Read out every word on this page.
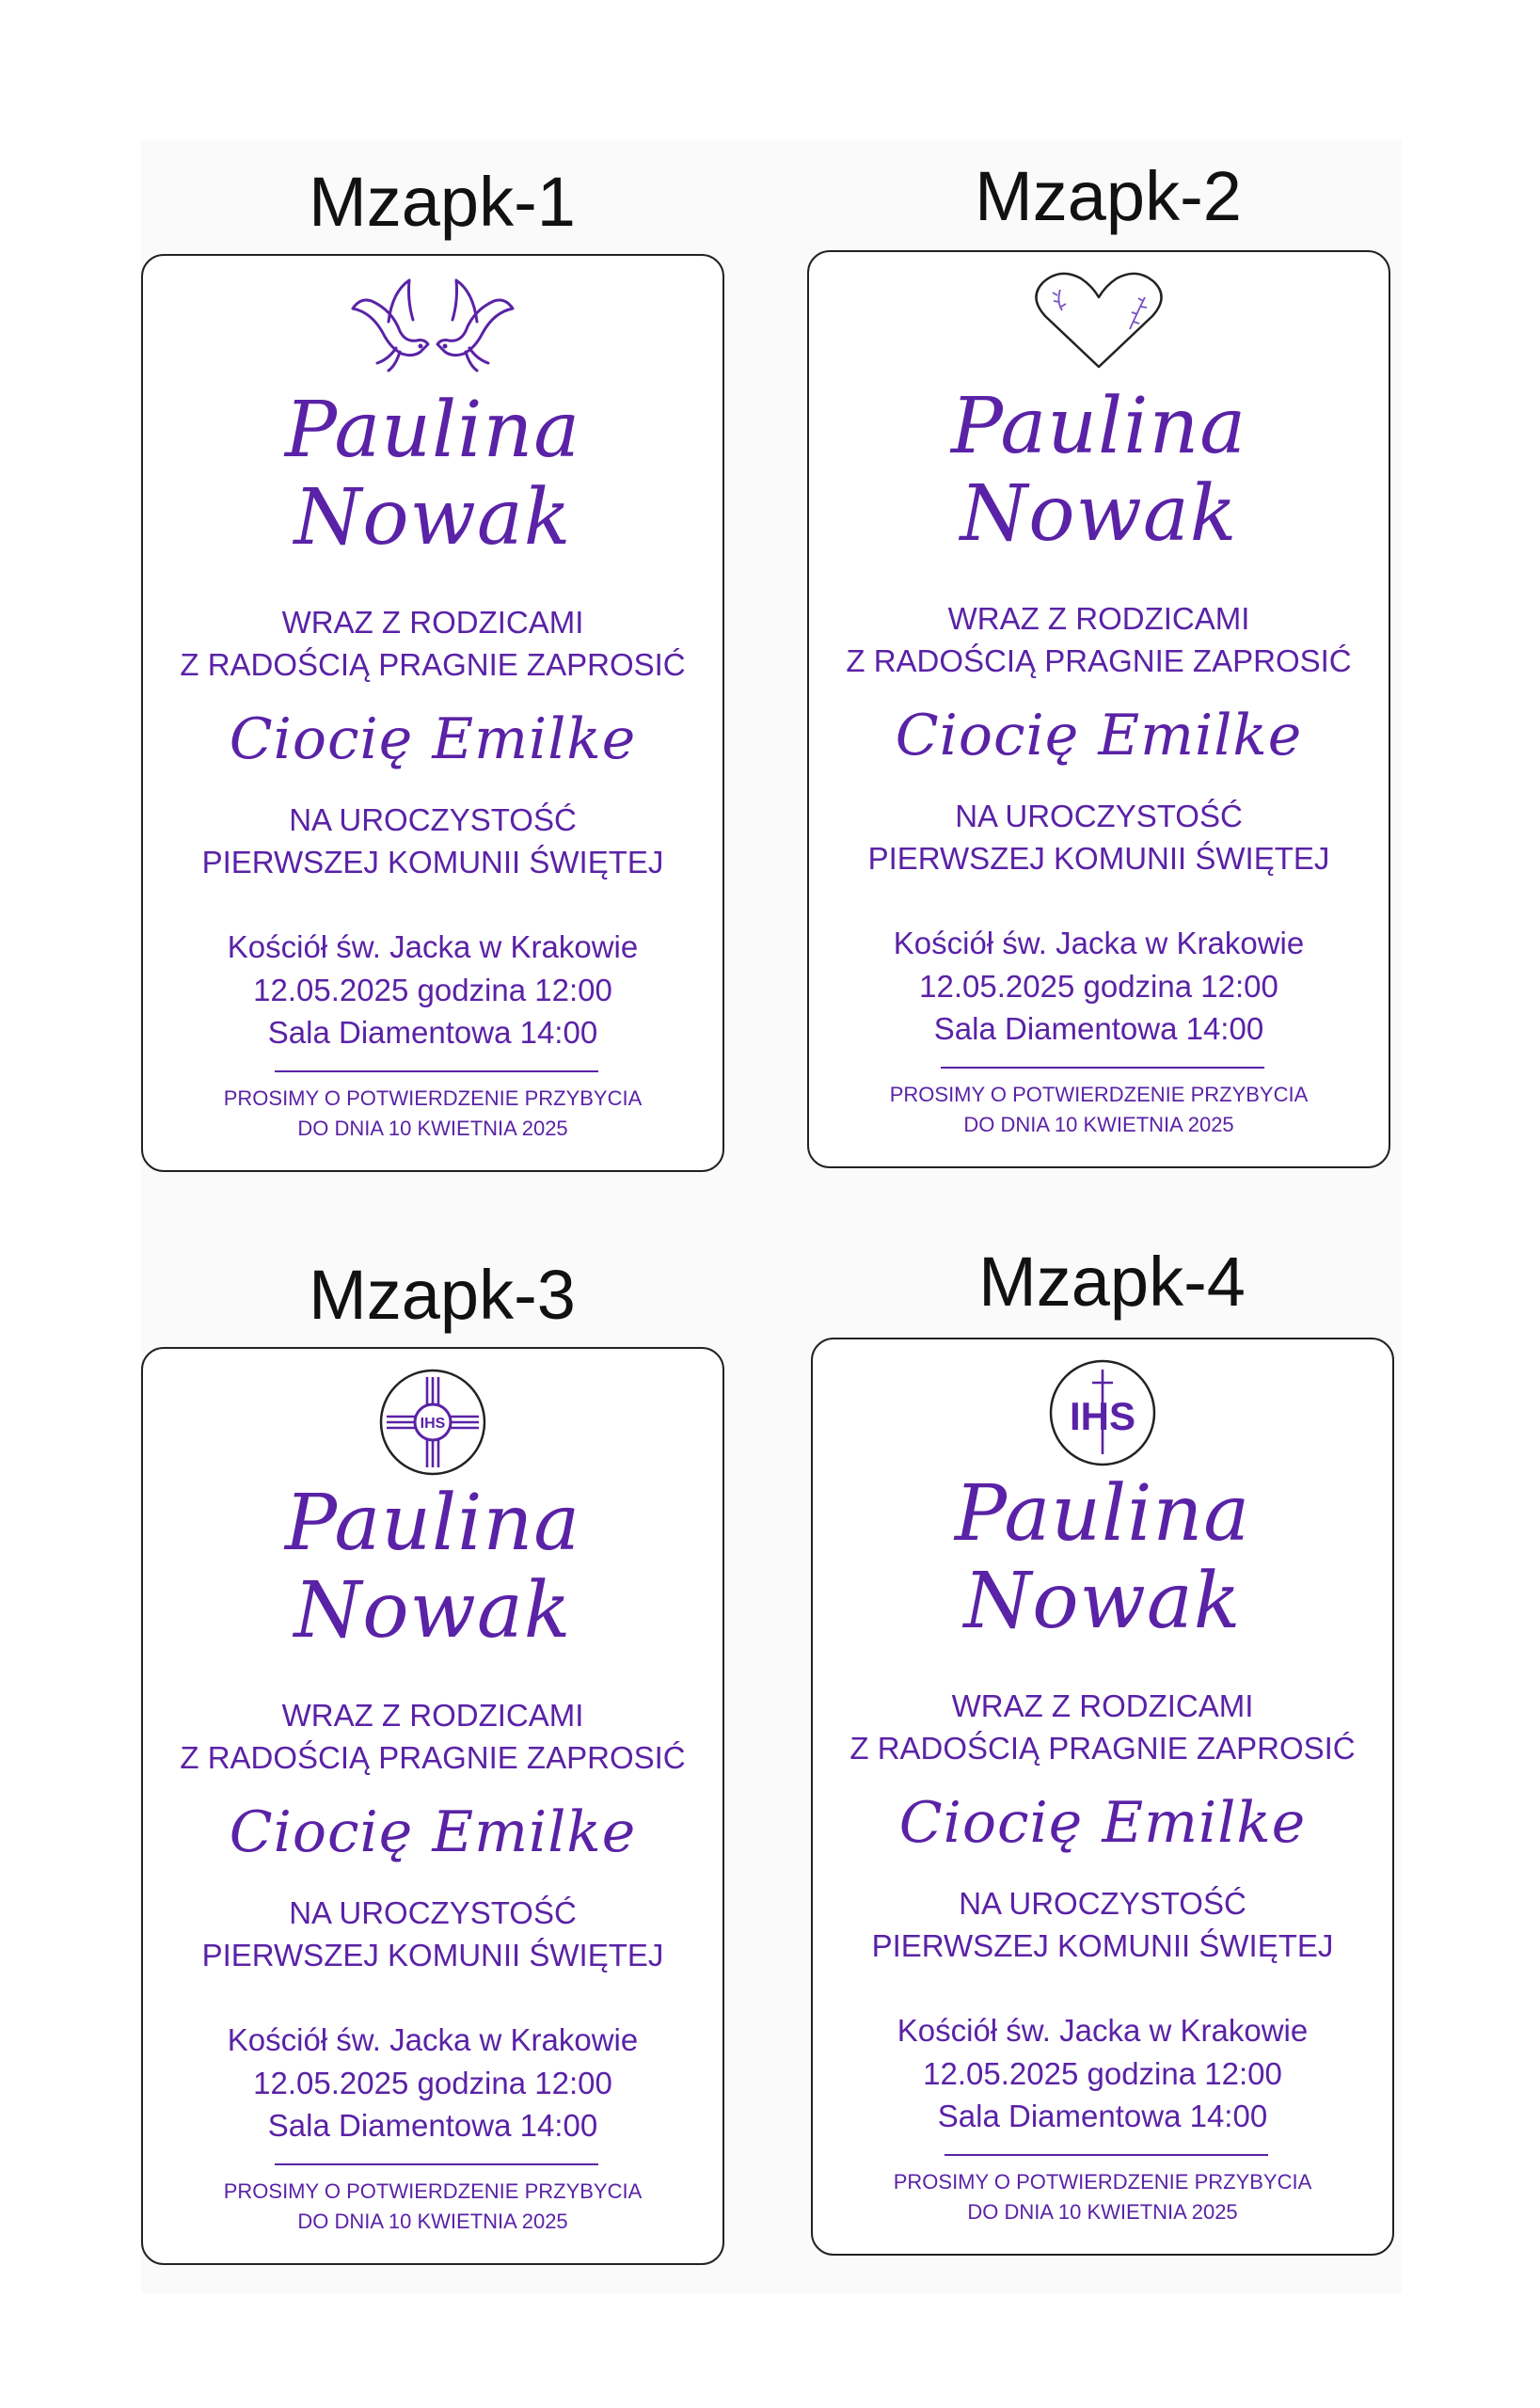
Mzapk-1
Paulina
Nowak
WRAZ Z RODZICAMI
Z RADOŚCIĄ PRAGNIE ZAPROSIĆ
Ciocię Emilke
NA UROCZYSTOŚĆ
PIERWSZEJ KOMUNII ŚWIĘTEJ
Kościół św. Jacka w Krakowie
12.05.2025 godzina 12:00
Sala Diamentowa 14:00
PROSIMY O POTWIERDZENIE PRZYBYCIA
DO DNIA 10 KWIETNIA 2025
Mzapk-2
Paulina
Nowak
WRAZ Z RODZICAMI
Z RADOŚCIĄ PRAGNIE ZAPROSIĆ
Ciocię Emilke
NA UROCZYSTOŚĆ
PIERWSZEJ KOMUNII ŚWIĘTEJ
Kościół św. Jacka w Krakowie
12.05.2025 godzina 12:00
Sala Diamentowa 14:00
PROSIMY O POTWIERDZENIE PRZYBYCIA
DO DNIA 10 KWIETNIA 2025
Mzapk-3
IHS
Paulina
Nowak
WRAZ Z RODZICAMI
Z RADOŚCIĄ PRAGNIE ZAPROSIĆ
Ciocię Emilke
NA UROCZYSTOŚĆ
PIERWSZEJ KOMUNII ŚWIĘTEJ
Kościół św. Jacka w Krakowie
12.05.2025 godzina 12:00
Sala Diamentowa 14:00
PROSIMY O POTWIERDZENIE PRZYBYCIA
DO DNIA 10 KWIETNIA 2025
Mzapk-4
IHS
Paulina
Nowak
WRAZ Z RODZICAMI
Z RADOŚCIĄ PRAGNIE ZAPROSIĆ
Ciocię Emilke
NA UROCZYSTOŚĆ
PIERWSZEJ KOMUNII ŚWIĘTEJ
Kościół św. Jacka w Krakowie
12.05.2025 godzina 12:00
Sala Diamentowa 14:00
PROSIMY O POTWIERDZENIE PRZYBYCIA
DO DNIA 10 KWIETNIA 2025
